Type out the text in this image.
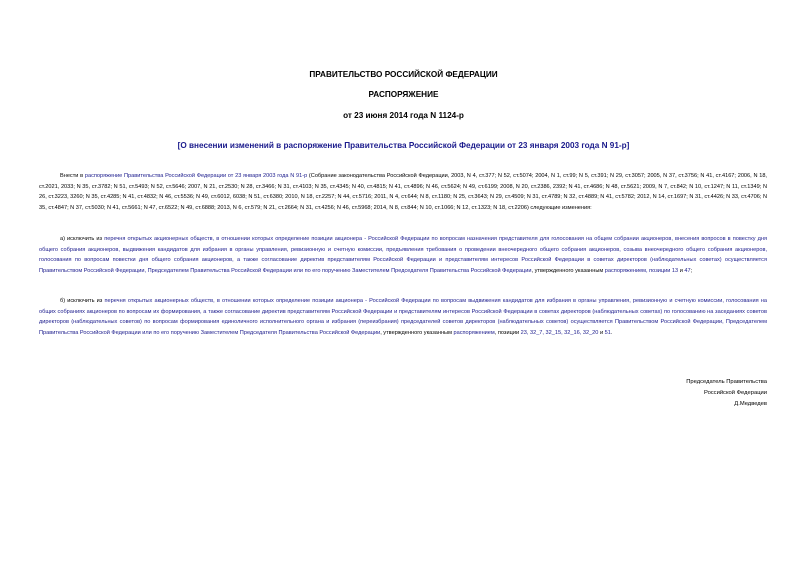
ПРАВИТЕЛЬСТВО РОССИЙСКОЙ ФЕДЕРАЦИИ
РАСПОРЯЖЕНИЕ
от 23 июня 2014 года N 1124-р
[О внесении изменений в распоряжение Правительства Российской Федерации от 23 января 2003 года N 91-р]

Внести в распоряжение Правительства Российской Федерации от 23 января 2003 года N 91-р (Собрание законодательства Российской Федерации, 2003, N 4, ст.377; N 52, ст.5074; 2004, N 1, ст.99; N 5, ст.391; N 29, ст.3057; 2005, N 37, ст.3756; N 41, ст.4167; 2006, N 18, ст.2021, 2033; N 35, ст.3782; N 51, ст.5493; N 52, ст.5646; 2007, N 21, ст.2530; N 28, ст.3466; N 31, ст.4103; N 35, ст.4345; N 40, ст.4815; N 41, ст.4896; N 46, ст.5624; N 49, ст.6199; 2008, N 20, ст.2386, 2392; N 41, ст.4686; N 48, ст.5621; 2009, N 7, ст.842; N 10, ст.1247; N 11, ст.1349; N 26, ст.3223, 3260; N 35, ст.4285; N 41, ст.4832; N 46, ст.5536; N 49, ст.6012, 6038; N 51, ст.6380; 2010, N 18, ст.2257; N 44, ст.5716; 2011, N 4, ст.644; N 8, ст.1180; N 25, ст.3643; N 29, ст.4509; N 31, ст.4789; N 32, ст.4889; N 41, ст.5782; 2012, N 14, ст.1697; N 31, ст.4426; N 33, ст.4706; N 35, ст.4847; N 37, ст.5030; N 41, ст.5661; N 47, ст.6522; N 49, ст.6888; 2013, N 6, ст.579; N 21, ст.2664; N 31, ст.4256; N 46, ст.5968; 2014, N 8, ст.844; N 10, ст.1066; N 12, ст.1323; N 18, ст.2206) следующие изменения:

а) исключить из перечня открытых акционерных обществ, в отношении которых определение позиции акционера - Российской Федерации по вопросам назначения представителя для голосования на общем собрании акционеров, внесения вопросов в повестку дня общего собрания акционеров, выдвижения кандидатов для избрания в органы управления, ревизионную и счетную комиссии, предъявления требования о проведении внеочередного общего собрания акционеров, созыва внеочередного общего собрания акционеров, голосования по вопросам повестки дня общего собрания акционеров, а также согласование директив представителям Российской Федерации и представителям интересов Российской Федерации в советах директоров (наблюдательных советах) осуществляется Правительством Российской Федерации, Председателем Правительства Российской Федерации или по его поручению Заместителем Председателя Правительства Российской Федерации, утвержденного указанным распоряжением, позиции 13 и 47;

б) исключить из перечня открытых акционерных обществ, в отношении которых определение позиции акционера - Российской Федерации по вопросам выдвижения кандидатов для избрания в органы управления, ревизионную и счетную комиссии, голосования на общих собраниях акционеров по вопросам их формирования, а также согласование директив представителям Российской Федерации и представителям интересов Российской Федерации в советах директоров (наблюдательных советах) по голосованию на заседаниях советов директоров (наблюдательных советов) по вопросам формирования единоличного исполнительного органа и избрания (переизбрания) председателей советов директоров (наблюдательных советов) осуществляется Правительством Российской Федерации, Председателем Правительства Российской Федерации или по его поручению Заместителем Председателя Правительства Российской Федерации, утвержденного указанным распоряжением, позиции 23, 32_7, 32_15, 32_16, 32_20 и 51.

Председатель Правительства
Российской Федерации
Д.Медведев
